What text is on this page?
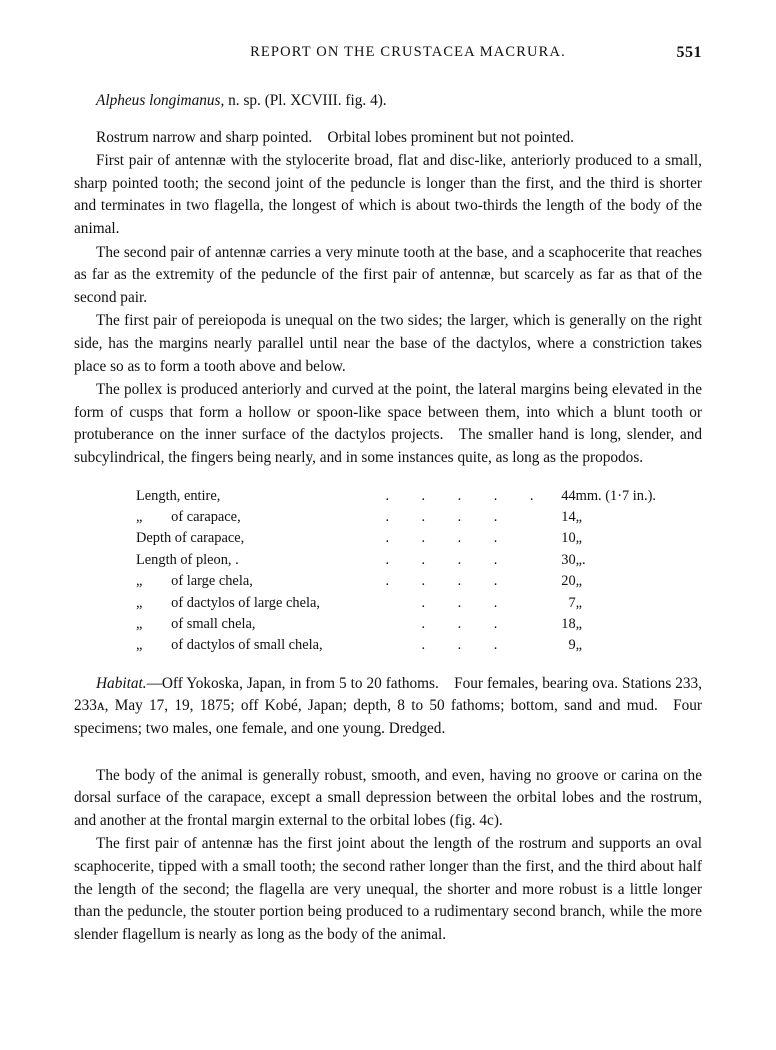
REPORT ON THE CRUSTACEA MACRURA.	551

Alpheus longimanus, n. sp. (Pl. XCVIII. fig. 4).

Rostrum narrow and sharp pointed. Orbital lobes prominent but not pointed.

First pair of antennæ with the stylocerite broad, flat and disc-like, anteriorly produced to a small, sharp pointed tooth; the second joint of the peduncle is longer than the first, and the third is shorter and terminates in two flagella, the longest of which is about two-thirds the length of the body of the animal.

The second pair of antennæ carries a very minute tooth at the base, and a scaphocerite that reaches as far as the extremity of the peduncle of the first pair of antennæ, but scarcely as far as that of the second pair.

The first pair of pereiopoda is unequal on the two sides; the larger, which is generally on the right side, has the margins nearly parallel until near the base of the dactylos, where a constriction takes place so as to form a tooth above and below.

The pollex is produced anteriorly and curved at the point, the lateral margins being elevated in the form of cusps that form a hollow or spoon-like space between them, into which a blunt tooth or protuberance on the inner surface of the dactylos projects. The smaller hand is long, slender, and subcylindrical, the fingers being nearly, and in some instances quite, as long as the propodos.

Length, entire,	. . . . .	44	mm. (1·7 in.).
„  of carapace,	. . . .	14	„
Depth of carapace,	. . . .	10	„
Length of pleon, .	. . . .	30	„.
„  of large chela,	. . . .	20	„
„  of dactylos of large chela,	. . .	7	„
„  of small chela,	. . .	18	„
„  of dactylos of small chela,	. . .	9	„

Habitat.—Off Yokoska, Japan, in from 5 to 20 fathoms. Four females, bearing ova. Stations 233, 233ᴀ, May 17, 19, 1875; off Kobé, Japan; depth, 8 to 50 fathoms; bottom, sand and mud. Four specimens; two males, one female, and one young. Dredged.

The body of the animal is generally robust, smooth, and even, having no groove or carina on the dorsal surface of the carapace, except a small depression between the orbital lobes and the rostrum, and another at the frontal margin external to the orbital lobes (fig. 4c).

The first pair of antennæ has the first joint about the length of the rostrum and supports an oval scaphocerite, tipped with a small tooth; the second rather longer than the first, and the third about half the length of the second; the flagella are very unequal, the shorter and more robust is a little longer than the peduncle, the stouter portion being produced to a rudimentary second branch, while the more slender flagellum is nearly as long as the body of the animal.
